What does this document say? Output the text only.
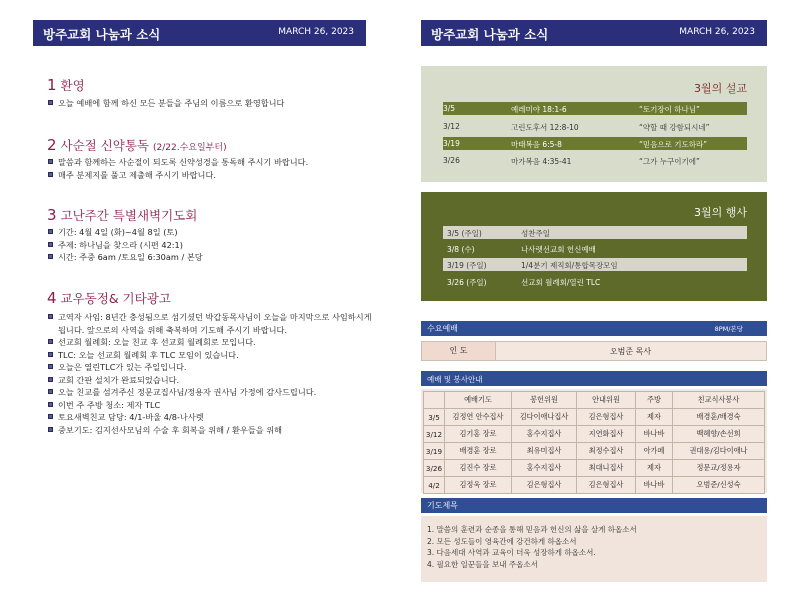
방주교회 나눔과 소식	MARCH 26, 2023
1 환영
오늘 예배에 함께 하신 모든 분들을 주님의 이름으로 환영합니다
2 사순절 신약통독 (2/22.수요일부터)
말씀과 함께하는 사순절이 되도록 신약성경을 통독해 주시기 바랍니다.
매주 분제지를 풀고 제출해 주시기 바랍니다.
3 고난주간 특별새벽기도회
기간: 4월 4일 (화)~4월 8일 (토)
주제: 하나님을 찾으라 (시편 42:1)
시간: 주중 6am /토요일 6:30am / 본당
4 교우동정& 기타광고
고역자 사임: 8년간 충성됨으로 섬기셨던 박갑동목사님이 오늘을 마지막으로 사임하시게 됩니다. 앞으로의 사역을 위해 축복하며 기도해 주시기 바랍니다.
선교회 월례회: 오늘 친교 후 선교회 월례회로 모입니다.
TLC: 오늘 선교회 월례회 후 TLC 모임이 있습니다.
오늘은 열린TLC가 있는 주일입니다.
교회 간판 설치가 완료되었습니다.
오늘 친교를 섬겨주신 정문교집사님/정용자 권사님 가정에 감사드립니다.
이번 주 주방 청소: 제자 TLC
토요새벽친교 담당: 4/1-바울 4/8-나사렛
중보기도: 김지선사모님의 수술 후 회복을 위해 / 환우들을 위해
방주교회 나눔과 소식	MARCH 26, 2023
3월의 설교
3/5	예레미야 18:1-6	“토기장이 하나님”
3/12	고린도후서 12:8-10	“약할 때 강함되시네”
3/19	마태복음 6:5-8	“믿음으로 기도하라”
3/26	마가복음 4:35-41	“그가 누구이기에”
3월의 행사
3/5 (주일)	성찬주일
3/8 (수)	나사렛선교회 헌신예배
3/19 (주일)	1/4분기 제직회/통합목장모임
3/26 (주일)	선교회 월례회/열린 TLC
수요예배	8PM/본당
인 도	오범준 목사
예배 및 봉사안내
	예배기도	봉헌위원	안내위원	주방	친교식사봉사
3/5	김정연 안수집사	김다이애나집사	김은형집사	제자	배경훈/배경숙
3/12	김기홍 장로	홍수지집사	지연화집사	바나바	백혜향/손선희
3/19	배경훈 장로	최유미집사	최정수집사	아가페	권대용/김다이애나
3/26	김진수 장로	홍수지집사	최대니집사	제자	정문교/정용자
4/2	김정욱 장로	김은형집사	김은형집사	바나바	오범준/신성숙
기도제목
1. 말씀의 훈련과 순종을 통해 믿음과 헌신의 삶을 살게 하옵소서
2. 모든 성도들이 영육간에 강건하게 하옵소서
3. 다음세대 사역과 교육이 더욱 성장하게 하옵소서.
4. 필요한 일꾼들을 보내 주옵소서
